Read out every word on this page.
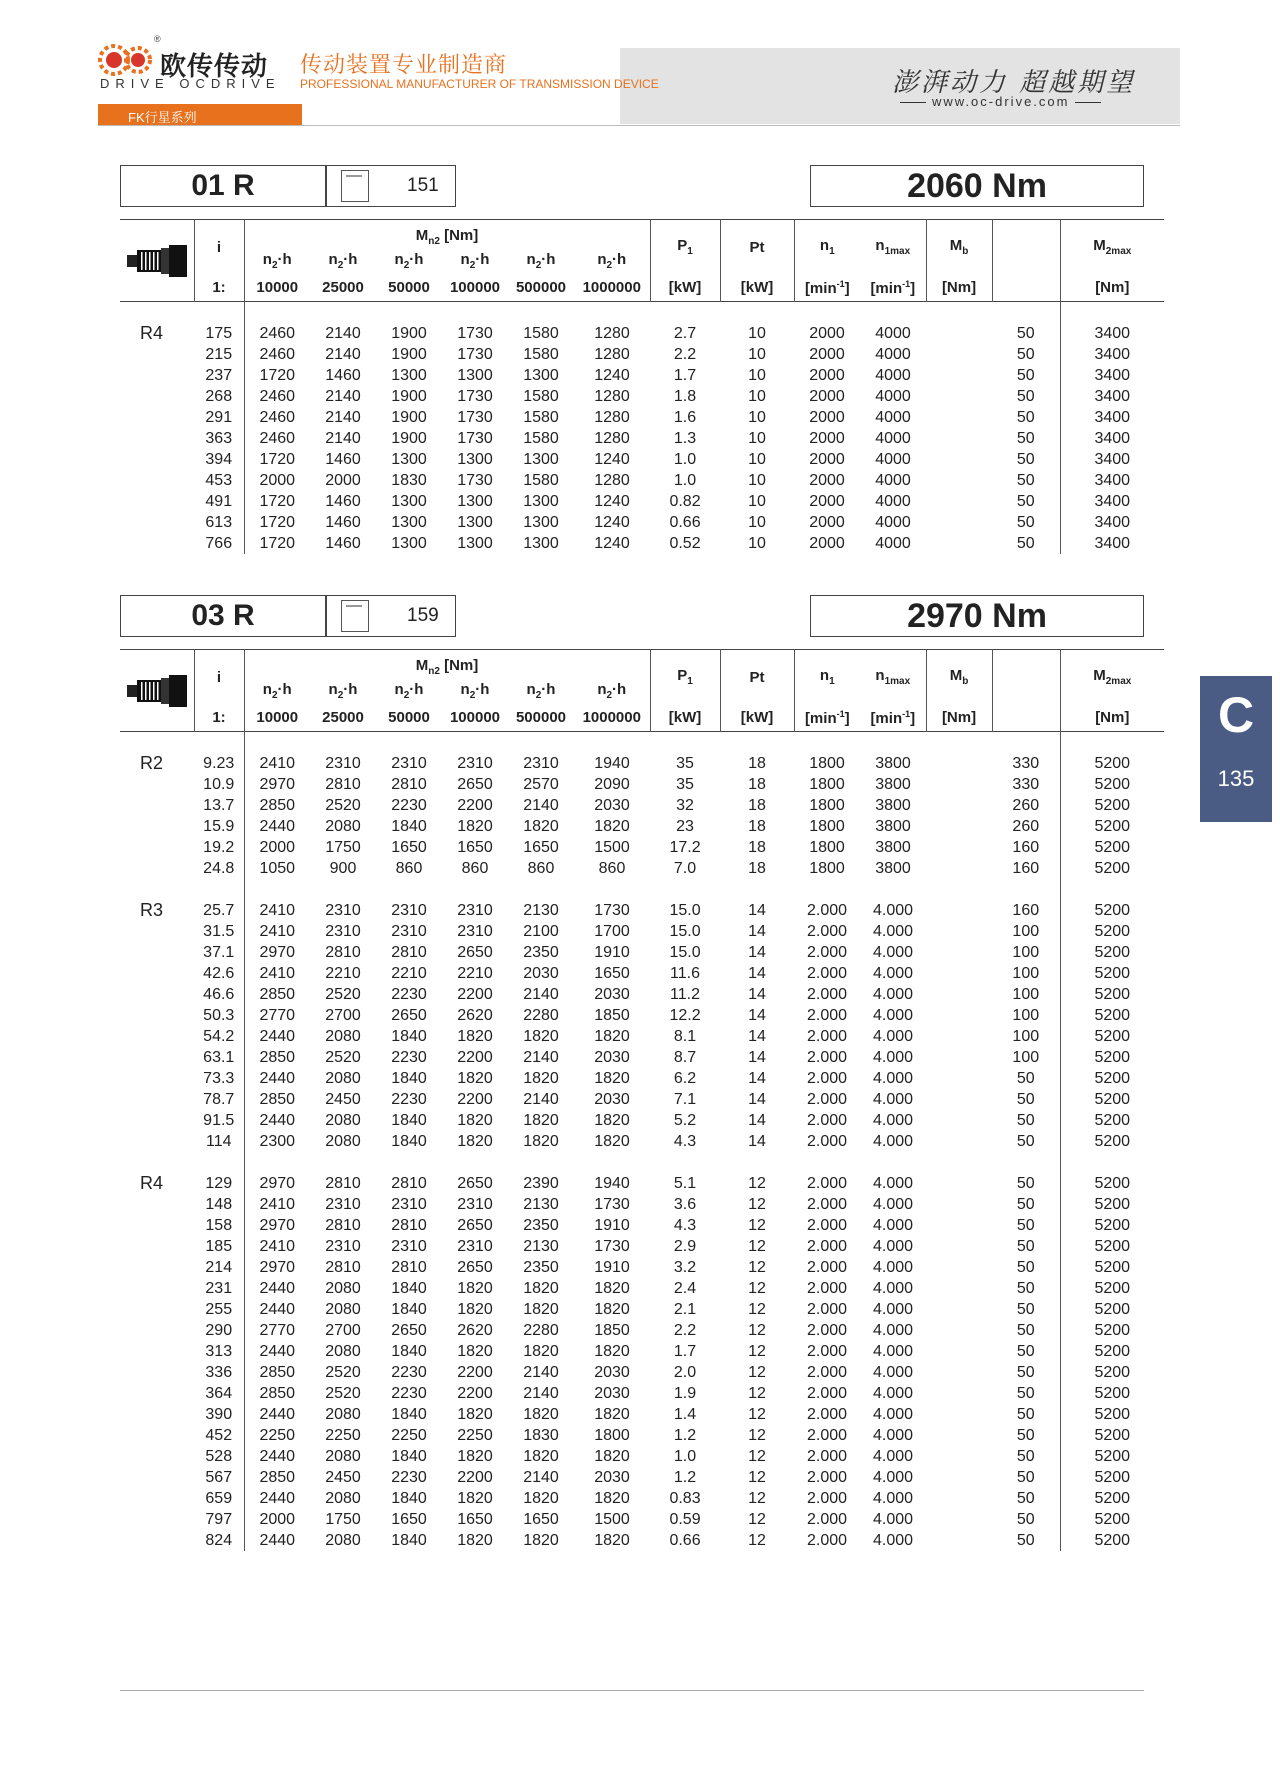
®
欧传传动
DRIVE OCDRIVE
传动装置专业制造商
PROFESSIONAL MANUFACTURER OF TRANSMISSION DEVICE	澎湃动力 超越期望
www.oc-drive.com
FK行星系列
01 R	151	2060 Nm
	i	$M_{n2}$ [Nm]						$P_1$	Pt	$n_1$	$n_{1max}$	$M_b$		$M_{2max}$
		$n_2\cdot h$	$n_2\cdot h$	$n_2\cdot h$	$n_2\cdot h$	$n_2\cdot h$	$n_2\cdot h$							
	1:	10000	25000	50000	100000	500000	1000000	[kW]	[kW]	$[\min^{-1}]$	$[\min^{-1}]$	[Nm]		[Nm]

R4	175	2460	2140	1900	1730	1580	1280	2.7	10	2000	4000		50	3400
	215	2460	2140	1900	1730	1580	1280	2.2	10	2000	4000		50	3400
	237	1720	1460	1300	1300	1300	1240	1.7	10	2000	4000		50	3400
	268	2460	2140	1900	1730	1580	1280	1.8	10	2000	4000		50	3400
	291	2460	2140	1900	1730	1580	1280	1.6	10	2000	4000		50	3400
	363	2460	2140	1900	1730	1580	1280	1.3	10	2000	4000		50	3400
	394	1720	1460	1300	1300	1300	1240	1.0	10	2000	4000		50	3400
	453	2000	2000	1830	1730	1580	1280	1.0	10	2000	4000		50	3400
	491	1720	1460	1300	1300	1300	1240	0.82	10	2000	4000		50	3400
	613	1720	1460	1300	1300	1300	1240	0.66	10	2000	4000		50	3400
	766	1720	1460	1300	1300	1300	1240	0.52	10	2000	4000		50	3400
03 R	159	2970 Nm
	i	$M_{n2}$ [Nm]						$P_1$	Pt	$n_1$	$n_{1max}$	$M_b$		$M_{2max}$
		$n_2\cdot h$	$n_2\cdot h$	$n_2\cdot h$	$n_2\cdot h$	$n_2\cdot h$	$n_2\cdot h$							
	1:	10000	25000	50000	100000	500000	1000000	[kW]	[kW]	$[\min^{-1}]$	$[\min^{-1}]$	[Nm]		[Nm]

R2	9.23	2410	2310	2310	2310	2310	1940	35	18	1800	3800		330	5200
	10.9	2970	2810	2810	2650	2570	2090	35	18	1800	3800		330	5200
	13.7	2850	2520	2230	2200	2140	2030	32	18	1800	3800		260	5200
	15.9	2440	2080	1840	1820	1820	1820	23	18	1800	3800		260	5200
	19.2	2000	1750	1650	1650	1650	1500	17.2	18	1800	3800		160	5200
	24.8	1050	900	860	860	860	860	7.0	18	1800	3800		160	5200

R3	25.7	2410	2310	2310	2310	2130	1730	15.0	14	2.000	4.000		160	5200
	31.5	2410	2310	2310	2310	2100	1700	15.0	14	2.000	4.000		100	5200
	37.1	2970	2810	2810	2650	2350	1910	15.0	14	2.000	4.000		100	5200
	42.6	2410	2210	2210	2210	2030	1650	11.6	14	2.000	4.000		100	5200
	46.6	2850	2520	2230	2200	2140	2030	11.2	14	2.000	4.000		100	5200
	50.3	2770	2700	2650	2620	2280	1850	12.2	14	2.000	4.000		100	5200
	54.2	2440	2080	1840	1820	1820	1820	8.1	14	2.000	4.000		100	5200
	63.1	2850	2520	2230	2200	2140	2030	8.7	14	2.000	4.000		100	5200
	73.3	2440	2080	1840	1820	1820	1820	6.2	14	2.000	4.000		50	5200
	78.7	2850	2450	2230	2200	2140	2030	7.1	14	2.000	4.000		50	5200
	91.5	2440	2080	1840	1820	1820	1820	5.2	14	2.000	4.000		50	5200
	114	2300	2080	1840	1820	1820	1820	4.3	14	2.000	4.000		50	5200

R4	129	2970	2810	2810	2650	2390	1940	5.1	12	2.000	4.000		50	5200
	148	2410	2310	2310	2310	2130	1730	3.6	12	2.000	4.000		50	5200
	158	2970	2810	2810	2650	2350	1910	4.3	12	2.000	4.000		50	5200
	185	2410	2310	2310	2310	2130	1730	2.9	12	2.000	4.000		50	5200
	214	2970	2810	2810	2650	2350	1910	3.2	12	2.000	4.000		50	5200
	231	2440	2080	1840	1820	1820	1820	2.4	12	2.000	4.000		50	5200
	255	2440	2080	1840	1820	1820	1820	2.1	12	2.000	4.000		50	5200
	290	2770	2700	2650	2620	2280	1850	2.2	12	2.000	4.000		50	5200
	313	2440	2080	1840	1820	1820	1820	1.7	12	2.000	4.000		50	5200
	336	2850	2520	2230	2200	2140	2030	2.0	12	2.000	4.000		50	5200
	364	2850	2520	2230	2200	2140	2030	1.9	12	2.000	4.000		50	5200
	390	2440	2080	1840	1820	1820	1820	1.4	12	2.000	4.000		50	5200
	452	2250	2250	2250	2250	1830	1800	1.2	12	2.000	4.000		50	5200
	528	2440	2080	1840	1820	1820	1820	1.0	12	2.000	4.000		50	5200
	567	2850	2450	2230	2200	2140	2030	1.2	12	2.000	4.000		50	5200
	659	2440	2080	1840	1820	1820	1820	0.83	12	2.000	4.000		50	5200
	797	2000	1750	1650	1650	1650	1500	0.59	12	2.000	4.000		50	5200
	824	2440	2080	1840	1820	1820	1820	0.66	12	2.000	4.000		50	5200
C
135
